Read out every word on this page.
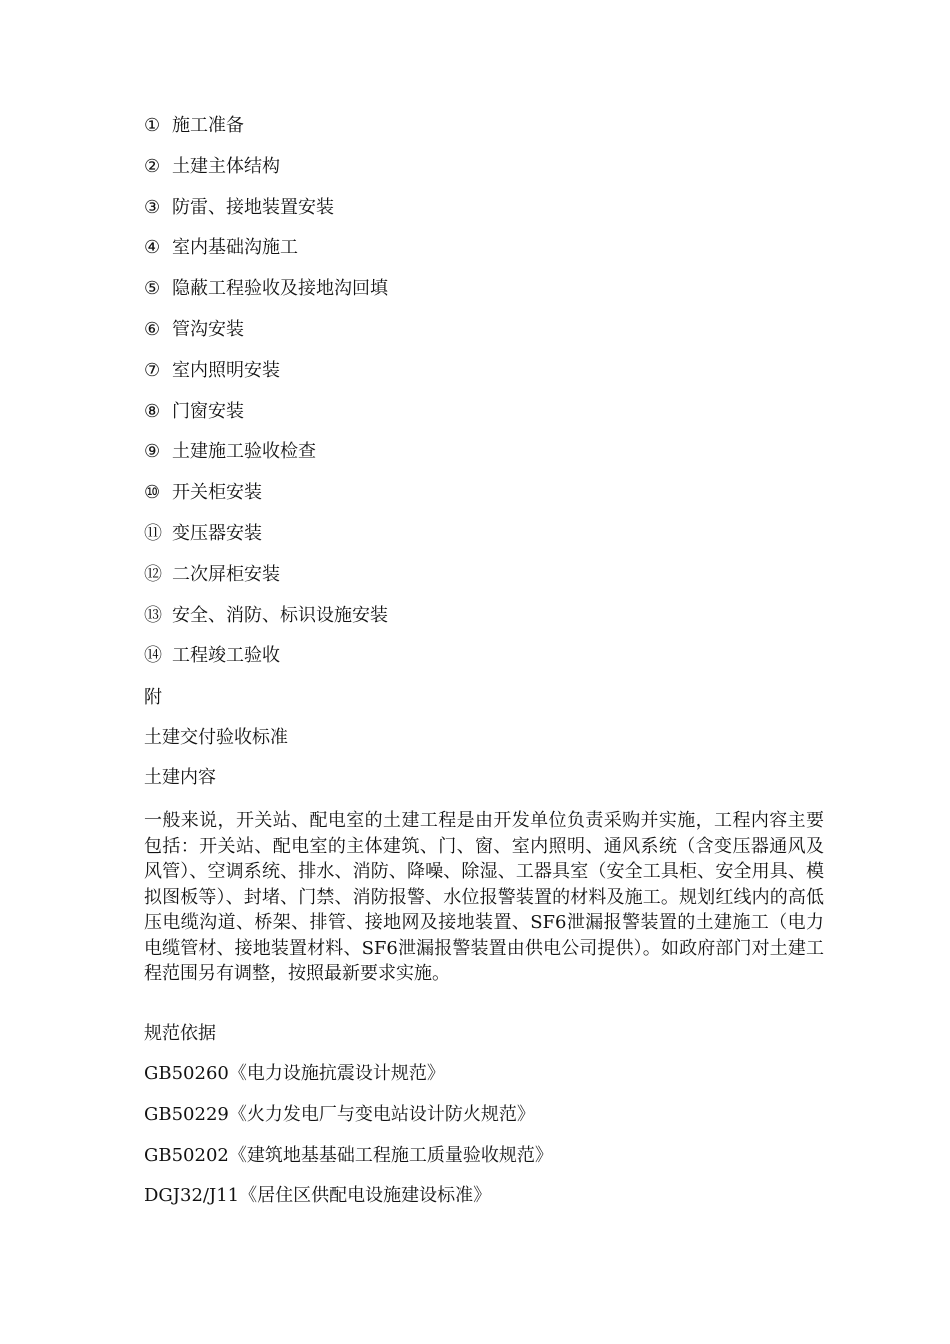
① 施工准备
② 土建主体结构
③ 防雷、接地装置安装
④ 室内基础沟施工
⑤ 隐蔽工程验收及接地沟回填
⑥ 管沟安装
⑦ 室内照明安装
⑧ 门窗安装
⑨ 土建施工验收检查
⑩ 开关柜安装
⑪ 变压器安装
⑫ 二次屏柜安装
⑬ 安全、消防、标识设施安装
⑭ 工程竣工验收
附
土建交付验收标准
土建内容
一般来说，开关站、配电室的土建工程是由开发单位负责采购并实施，工程内容主要包括：开关站、配电室的主体建筑、门、窗、室内照明、通风系统（含变压器通风及风管）、空调系统、排水、消防、降噪、除湿、工器具室（安全工具柜、安全用具、模拟图板等）、封堵、门禁、消防报警、水位报警装置的材料及施工。规划红线内的高低压电缆沟道、桥架、排管、接地网及接地装置、SF6泄漏报警装置的土建施工（电力电缆管材、接地装置材料、SF6泄漏报警装置由供电公司提供）。如政府部门对土建工程范围另有调整，按照最新要求实施。
规范依据
GB50260《电力设施抗震设计规范》
GB50229《火力发电厂与变电站设计防火规范》
GB50202《建筑地基基础工程施工质量验收规范》
DGJ32/J11《居住区供配电设施建设标准》
